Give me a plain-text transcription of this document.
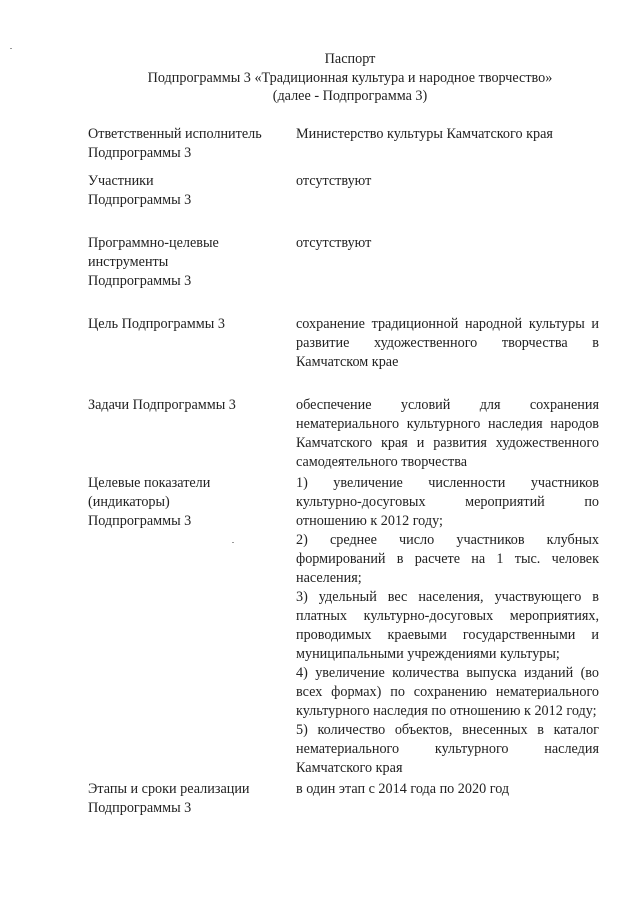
Паспорт
Подпрограммы 3 «Традиционная культура и народное творчество»
(далее - Подпрограмма 3)
Ответственный исполнитель Подпрограммы 3
Министерство культуры Камчатского края
Участники Подпрограммы 3
отсутствуют
Программно-целевые инструменты Подпрограммы 3
отсутствуют
Цель Подпрограммы 3	сохранение традиционной народной культуры и развитие художественного творчества в Камчатском крае
Задачи Подпрограммы 3	обеспечение условий для сохранения нематериального культурного наследия народов Камчатского края и развития художественного самодеятельного творчества
Целевые показатели (индикаторы) Подпрограммы 3

1) увеличение численности участников культурно-досуговых мероприятий по отношению к 2012 году;

2) среднее число участников клубных формирований в расчете на 1 тыс. человек населения;

3) удельный вес населения, участвующего в платных культурно-досуговых мероприятиях, проводимых краевыми государственными и муниципальными учреждениями культуры;

4) увеличение количества выпуска изданий (во всех формах) по сохранению нематериального культурного наследия по отношению к 2012 году;

5) количество объектов, внесенных в каталог нематериального культурного наследия Камчатского края

Этапы и сроки реализации Подпрограммы 3
в один этап с 2014 года по 2020 год
